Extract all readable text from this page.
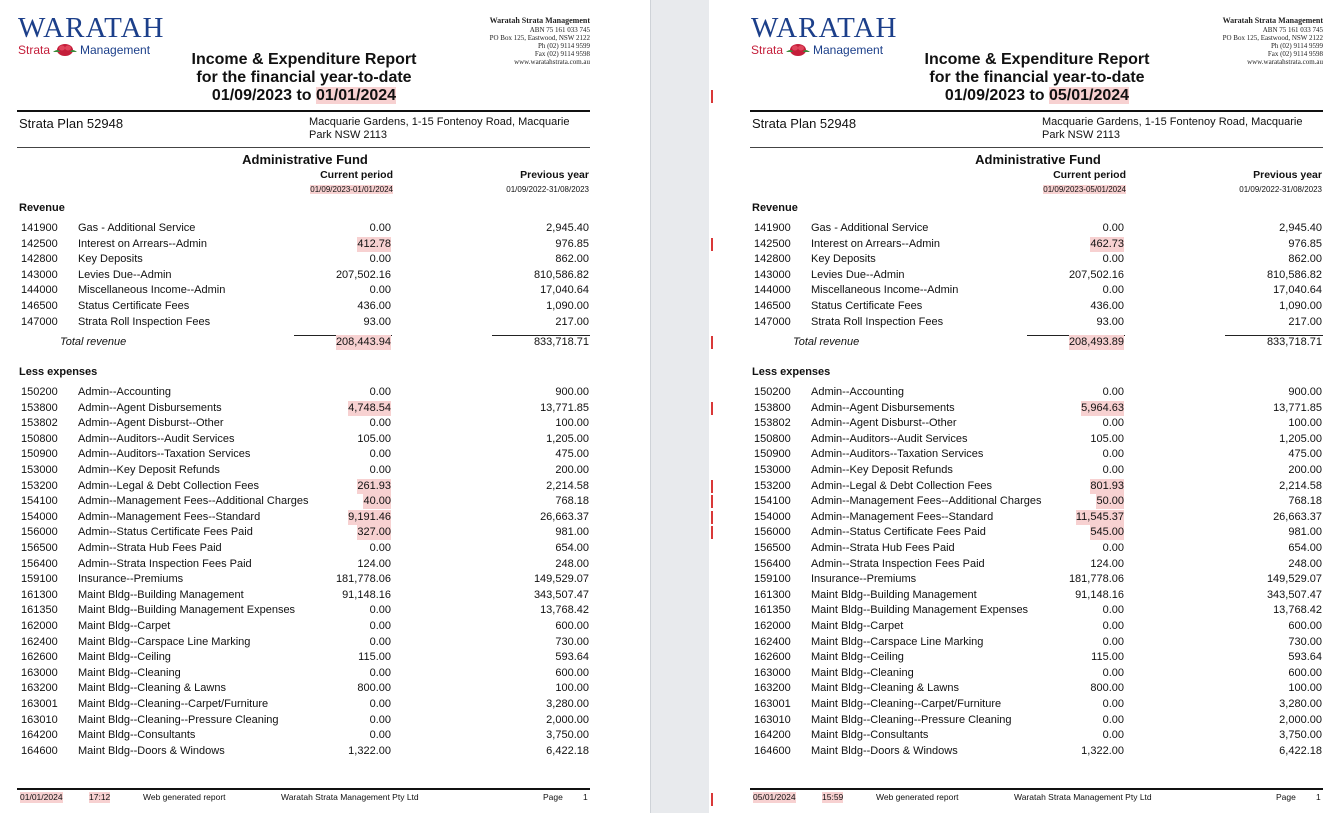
WARATAH
Strata	Management
Waratah Strata Management
ABN 75 161 033 745
PO Box 125, Eastwood, NSW 2122
Ph (02) 9114 9599
Fax (02) 9114 9598
www.waratahstrata.com.au
Income & Expenditure Report
for the financial year-to-date
01/09/2023 to 01/01/2024
Strata Plan 52948	Macquarie Gardens, 1-15 Fontenoy Road, Macquarie Park NSW 2113
Administrative Fund
Current period	Previous year
01/09/2023-01/01/2024	01/09/2022-31/08/2023
Revenue
141900 Gas - Additional Service	0.00	2,945.40
142500 Interest on Arrears--Admin	412.78	976.85
142800 Key Deposits	0.00	862.00
143000 Levies Due--Admin	207,502.16	810,586.82
144000 Miscellaneous Income--Admin	0.00	17,040.64
146500 Status Certificate Fees	436.00	1,090.00
147000 Strata Roll Inspection Fees	93.00	217.00
Total revenue	208,443.94	833,718.71
Less expenses
150200 Admin--Accounting	0.00	900.00
153800 Admin--Agent Disbursements	4,748.54	13,771.85
153802 Admin--Agent Disburst--Other	0.00	100.00
150800 Admin--Auditors--Audit Services	105.00	1,205.00
150900 Admin--Auditors--Taxation Services	0.00	475.00
153000 Admin--Key Deposit Refunds	0.00	200.00
153200 Admin--Legal & Debt Collection Fees	261.93	2,214.58
154100 Admin--Management Fees--Additional Charges	40.00	768.18
154000 Admin--Management Fees--Standard	9,191.46	26,663.37
156000 Admin--Status Certificate Fees Paid	327.00	981.00
156500 Admin--Strata Hub Fees Paid	0.00	654.00
156400 Admin--Strata Inspection Fees Paid	124.00	248.00
159100 Insurance--Premiums	181,778.06	149,529.07
161300 Maint Bldg--Building Management	91,148.16	343,507.47
161350 Maint Bldg--Building Management Expenses	0.00	13,768.42
162000 Maint Bldg--Carpet	0.00	600.00
162400 Maint Bldg--Carspace Line Marking	0.00	730.00
162600 Maint Bldg--Ceiling	115.00	593.64
163000 Maint Bldg--Cleaning	0.00	600.00
163200 Maint Bldg--Cleaning & Lawns	800.00	100.00
163001 Maint Bldg--Cleaning--Carpet/Furniture	0.00	3,280.00
163010 Maint Bldg--Cleaning--Pressure Cleaning	0.00	2,000.00
164200 Maint Bldg--Consultants	0.00	3,750.00
164600 Maint Bldg--Doors & Windows	1,322.00	6,422.18
01/01/2024	17:12	Web generated report	Waratah Strata Management Pty Ltd	Page 1
WARATAH
Strata	Management
Waratah Strata Management
ABN 75 161 033 745
PO Box 125, Eastwood, NSW 2122
Ph (02) 9114 9599
Fax (02) 9114 9598
www.waratahstrata.com.au
Income & Expenditure Report
for the financial year-to-date
01/09/2023 to 05/01/2024
Strata Plan 52948	Macquarie Gardens, 1-15 Fontenoy Road, Macquarie Park NSW 2113
Administrative Fund
Current period	Previous year
01/09/2023-05/01/2024	01/09/2022-31/08/2023
Revenue
141900 Gas - Additional Service	0.00	2,945.40
142500 Interest on Arrears--Admin	462.73	976.85
142800 Key Deposits	0.00	862.00
143000 Levies Due--Admin	207,502.16	810,586.82
144000 Miscellaneous Income--Admin	0.00	17,040.64
146500 Status Certificate Fees	436.00	1,090.00
147000 Strata Roll Inspection Fees	93.00	217.00
Total revenue	208,493.89	833,718.71
Less expenses
150200 Admin--Accounting	0.00	900.00
153800 Admin--Agent Disbursements	5,964.63	13,771.85
153802 Admin--Agent Disburst--Other	0.00	100.00
150800 Admin--Auditors--Audit Services	105.00	1,205.00
150900 Admin--Auditors--Taxation Services	0.00	475.00
153000 Admin--Key Deposit Refunds	0.00	200.00
153200 Admin--Legal & Debt Collection Fees	801.93	2,214.58
154100 Admin--Management Fees--Additional Charges	50.00	768.18
154000 Admin--Management Fees--Standard	11,545.37	26,663.37
156000 Admin--Status Certificate Fees Paid	545.00	981.00
156500 Admin--Strata Hub Fees Paid	0.00	654.00
156400 Admin--Strata Inspection Fees Paid	124.00	248.00
159100 Insurance--Premiums	181,778.06	149,529.07
161300 Maint Bldg--Building Management	91,148.16	343,507.47
161350 Maint Bldg--Building Management Expenses	0.00	13,768.42
162000 Maint Bldg--Carpet	0.00	600.00
162400 Maint Bldg--Carspace Line Marking	0.00	730.00
162600 Maint Bldg--Ceiling	115.00	593.64
163000 Maint Bldg--Cleaning	0.00	600.00
163200 Maint Bldg--Cleaning & Lawns	800.00	100.00
163001 Maint Bldg--Cleaning--Carpet/Furniture	0.00	3,280.00
163010 Maint Bldg--Cleaning--Pressure Cleaning	0.00	2,000.00
164200 Maint Bldg--Consultants	0.00	3,750.00
164600 Maint Bldg--Doors & Windows	1,322.00	6,422.18
05/01/2024	15:59	Web generated report	Waratah Strata Management Pty Ltd	Page 1
